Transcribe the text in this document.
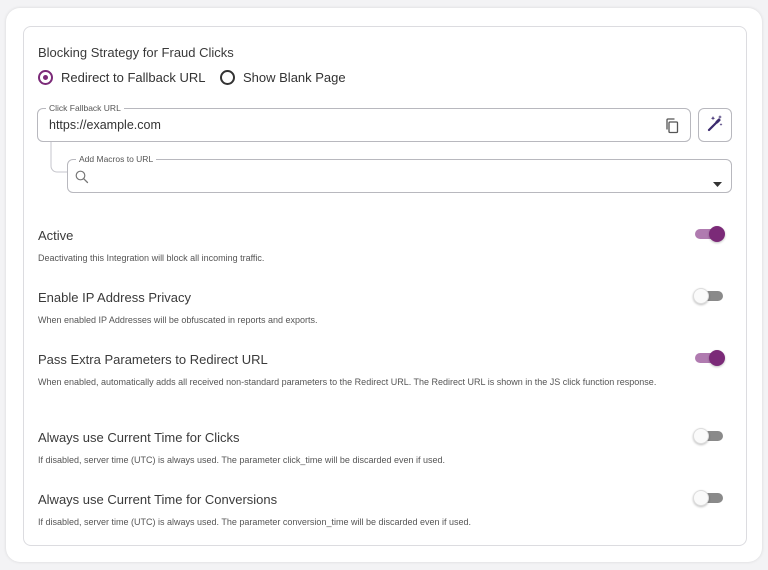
Blocking Strategy for Fraud Clicks
Redirect to Fallback URL	Show Blank Page
Click Fallback URL
https://example.com
Add Macros to URL
Active
Deactivating this Integration will block all incoming traffic.
Enable IP Address Privacy
When enabled IP Addresses will be obfuscated in reports and exports.
Pass Extra Parameters to Redirect URL
When enabled, automatically adds all received non-standard parameters to the Redirect URL. The Redirect URL is shown in the JS click function response.
Always use Current Time for Clicks
If disabled, server time (UTC) is always used. The parameter click_time will be discarded even if used.
Always use Current Time for Conversions
If disabled, server time (UTC) is always used. The parameter conversion_time will be discarded even if used.
